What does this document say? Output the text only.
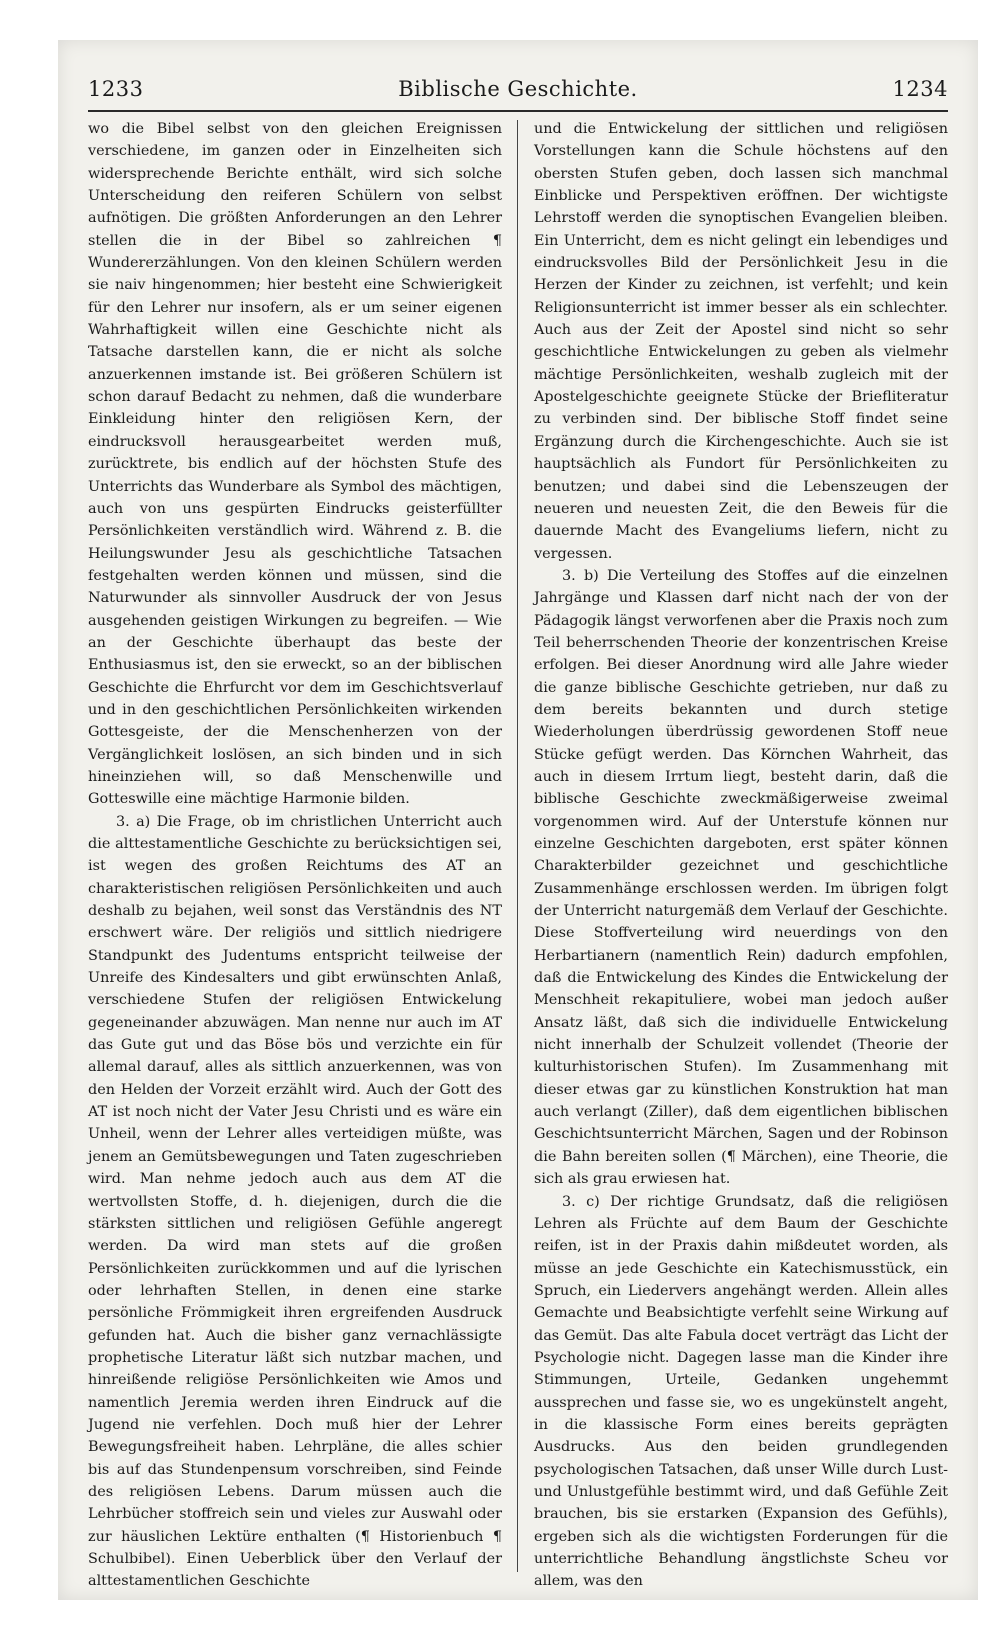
1233	Biblische Geschichte.	1234

wo die Bibel selbst von den gleichen Ereignissen verschiedene, im ganzen oder in Einzelheiten sich widersprechende Berichte enthält, wird sich solche Unterscheidung den reiferen Schülern von selbst aufnötigen. Die größten Anforderungen an den Lehrer stellen die in der Bibel so zahlreichen ¶ Wundererzählungen. Von den kleinen Schülern werden sie naiv hingenommen; hier besteht eine Schwierigkeit für den Lehrer nur insofern, als er um seiner eigenen Wahrhaftigkeit willen eine Geschichte nicht als Tatsache darstellen kann, die er nicht als solche anzuerkennen imstande ist. Bei größeren Schülern ist schon darauf Bedacht zu nehmen, daß die wunderbare Einkleidung hinter den religiösen Kern, der eindrucksvoll herausgearbeitet werden muß, zurücktrete, bis endlich auf der höchsten Stufe des Unterrichts das Wunderbare als Symbol des mächtigen, auch von uns gespürten Eindrucks geisterfüllter Persönlichkeiten verständlich wird. Während z. B. die Heilungswunder Jesu als geschichtliche Tatsachen festgehalten werden können und müssen, sind die Naturwunder als sinnvoller Ausdruck der von Jesus ausgehenden geistigen Wirkungen zu begreifen. — Wie an der Geschichte überhaupt das beste der Enthusiasmus ist, den sie erweckt, so an der biblischen Geschichte die Ehrfurcht vor dem im Geschichtsverlauf und in den geschichtlichen Persönlichkeiten wirkenden Gottesgeiste, der die Menschenherzen von der Vergänglichkeit loslösen, an sich binden und in sich hineinziehen will, so daß Menschenwille und Gotteswille eine mächtige Harmonie bilden.

3. a) Die Frage, ob im christlichen Unterricht auch die alttestamentliche Geschichte zu berücksichtigen sei, ist wegen des großen Reichtums des AT an charakteristischen religiösen Persönlichkeiten und auch deshalb zu bejahen, weil sonst das Verständnis des NT erschwert wäre. Der religiös und sittlich niedrigere Standpunkt des Judentums entspricht teilweise der Unreife des Kindesalters und gibt erwünschten Anlaß, verschiedene Stufen der religiösen Entwickelung gegeneinander abzuwägen. Man nenne nur auch im AT das Gute gut und das Böse bös und verzichte ein für allemal darauf, alles als sittlich anzuerkennen, was von den Helden der Vorzeit erzählt wird. Auch der Gott des AT ist noch nicht der Vater Jesu Christi und es wäre ein Unheil, wenn der Lehrer alles verteidigen müßte, was jenem an Gemütsbewegungen und Taten zugeschrieben wird. Man nehme jedoch auch aus dem AT die wertvollsten Stoffe, d. h. diejenigen, durch die die stärksten sittlichen und religiösen Gefühle angeregt werden. Da wird man stets auf die großen Persönlichkeiten zurückkommen und auf die lyrischen oder lehrhaften Stellen, in denen eine starke persönliche Frömmigkeit ihren ergreifenden Ausdruck gefunden hat. Auch die bisher ganz vernachlässigte prophetische Literatur läßt sich nutzbar machen, und hinreißende religiöse Persönlichkeiten wie Amos und namentlich Jeremia werden ihren Eindruck auf die Jugend nie verfehlen. Doch muß hier der Lehrer Bewegungsfreiheit haben. Lehrpläne, die alles schier bis auf das Stundenpensum vorschreiben, sind Feinde des religiösen Lebens. Darum müssen auch die Lehrbücher stoffreich sein und vieles zur Auswahl oder zur häuslichen Lektüre enthalten (¶ Historienbuch ¶ Schulbibel). Einen Ueberblick über den Verlauf der alttestamentlichen Geschichte

und die Entwickelung der sittlichen und religiösen Vorstellungen kann die Schule höchstens auf den obersten Stufen geben, doch lassen sich manchmal Einblicke und Perspektiven eröffnen. Der wichtigste Lehrstoff werden die synoptischen Evangelien bleiben. Ein Unterricht, dem es nicht gelingt ein lebendiges und eindrucksvolles Bild der Persönlichkeit Jesu in die Herzen der Kinder zu zeichnen, ist verfehlt; und kein Religionsunterricht ist immer besser als ein schlechter. Auch aus der Zeit der Apostel sind nicht so sehr geschichtliche Entwickelungen zu geben als vielmehr mächtige Persönlichkeiten, weshalb zugleich mit der Apostelgeschichte geeignete Stücke der Briefliteratur zu verbinden sind. Der biblische Stoff findet seine Ergänzung durch die Kirchengeschichte. Auch sie ist hauptsächlich als Fundort für Persönlichkeiten zu benutzen; und dabei sind die Lebenszeugen der neueren und neuesten Zeit, die den Beweis für die dauernde Macht des Evangeliums liefern, nicht zu vergessen.

3. b) Die Verteilung des Stoffes auf die einzelnen Jahrgänge und Klassen darf nicht nach der von der Pädagogik längst verworfenen aber die Praxis noch zum Teil beherrschenden Theorie der konzentrischen Kreise erfolgen. Bei dieser Anordnung wird alle Jahre wieder die ganze biblische Geschichte getrieben, nur daß zu dem bereits bekannten und durch stetige Wiederholungen überdrüssig gewordenen Stoff neue Stücke gefügt werden. Das Körnchen Wahrheit, das auch in diesem Irrtum liegt, besteht darin, daß die biblische Geschichte zweckmäßigerweise zweimal vorgenommen wird. Auf der Unterstufe können nur einzelne Geschichten dargeboten, erst später können Charakterbilder gezeichnet und geschichtliche Zusammenhänge erschlossen werden. Im übrigen folgt der Unterricht naturgemäß dem Verlauf der Geschichte. Diese Stoffverteilung wird neuerdings von den Herbartianern (namentlich Rein) dadurch empfohlen, daß die Entwickelung des Kindes die Entwickelung der Menschheit rekapituliere, wobei man jedoch außer Ansatz läßt, daß sich die individuelle Entwickelung nicht innerhalb der Schulzeit vollendet (Theorie der kulturhistorischen Stufen). Im Zusammenhang mit dieser etwas gar zu künstlichen Konstruktion hat man auch verlangt (Ziller), daß dem eigentlichen biblischen Geschichtsunterricht Märchen, Sagen und der Robinson die Bahn bereiten sollen (¶ Märchen), eine Theorie, die sich als grau erwiesen hat.

3. c) Der richtige Grundsatz, daß die religiösen Lehren als Früchte auf dem Baum der Geschichte reifen, ist in der Praxis dahin mißdeutet worden, als müsse an jede Geschichte ein Katechismusstück, ein Spruch, ein Liedervers angehängt werden. Allein alles Gemachte und Beabsichtigte verfehlt seine Wirkung auf das Gemüt. Das alte Fabula docet verträgt das Licht der Psychologie nicht. Dagegen lasse man die Kinder ihre Stimmungen, Urteile, Gedanken ungehemmt aussprechen und fasse sie, wo es ungekünstelt angeht, in die klassische Form eines bereits geprägten Ausdrucks. Aus den beiden grundlegenden psychologischen Tatsachen, daß unser Wille durch Lust- und Unlustgefühle bestimmt wird, und daß Gefühle Zeit brauchen, bis sie erstarken (Expansion des Gefühls), ergeben sich als die wichtigsten Forderungen für die unterrichtliche Behandlung ängstlichste Scheu vor allem, was den
